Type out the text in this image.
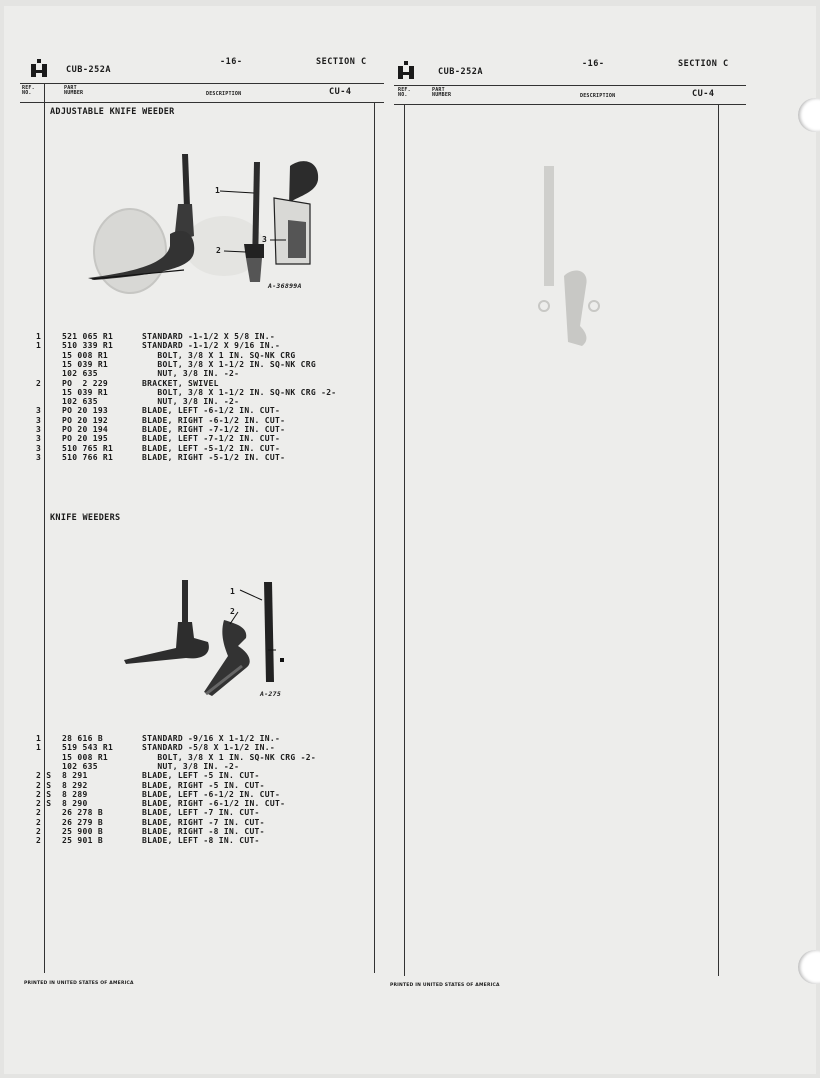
CUB-252A
-16-	SECTION C
REF.
NO.
PART
NUMBER	DESCRIPTION	CU-4
ADJUSTABLE KNIFE WEEDER
1
2
3
A-36899A
1	521 065 R1	STANDARD -1-1/2 X 5/8 IN.-
1	510 339 R1	STANDARD -1-1/2 X 9/16 IN.-
15 008 R1	BOLT, 3/8 X 1 IN. SQ-NK CRG
15 039 R1	BOLT, 3/8 X 1-1/2 IN. SQ-NK CRG
102 635	NUT, 3/8 IN. -2-
2	PO  2 229	BRACKET, SWIVEL
15 039 R1	BOLT, 3/8 X 1-1/2 IN. SQ-NK CRG -2-
102 635	NUT, 3/8 IN. -2-
3	PO 20 193	BLADE, LEFT -6-1/2 IN. CUT-
3	PO 20 192	BLADE, RIGHT -6-1/2 IN. CUT-
3	PO 20 194	BLADE, RIGHT -7-1/2 IN. CUT-
3	PO 20 195	BLADE, LEFT -7-1/2 IN. CUT-
3	510 765 R1	BLADE, LEFT -5-1/2 IN. CUT-
3	510 766 R1	BLADE, RIGHT -5-1/2 IN. CUT-
KNIFE WEEDERS
1
2
A-275
1	28 616 B	STANDARD -9/16 X 1-1/2 IN.-
1	519 543 R1	STANDARD -5/8 X 1-1/2 IN.-
15 008 R1	BOLT, 3/8 X 1 IN. SQ-NK CRG -2-
102 635	NUT, 3/8 IN. -2-
2 S 8 291	BLADE, LEFT -5 IN. CUT-
2 S 8 292	BLADE, RIGHT -5 IN. CUT-
2 S 8 289	BLADE, LEFT -6-1/2 IN. CUT-
2 S 8 290	BLADE, RIGHT -6-1/2 IN. CUT-
2	26 278 B	BLADE, LEFT -7 IN. CUT-
2	26 279 B	BLADE, RIGHT -7 IN. CUT-
2	25 900 B	BLADE, RIGHT -8 IN. CUT-
2	25 901 B	BLADE, LEFT -8 IN. CUT-
PRINTED IN UNITED STATES OF AMERICA
CUB-252A
-16-	SECTION C
REF.
NO.
PART
NUMBER	DESCRIPTION	CU-4
PRINTED IN UNITED STATES OF AMERICA
